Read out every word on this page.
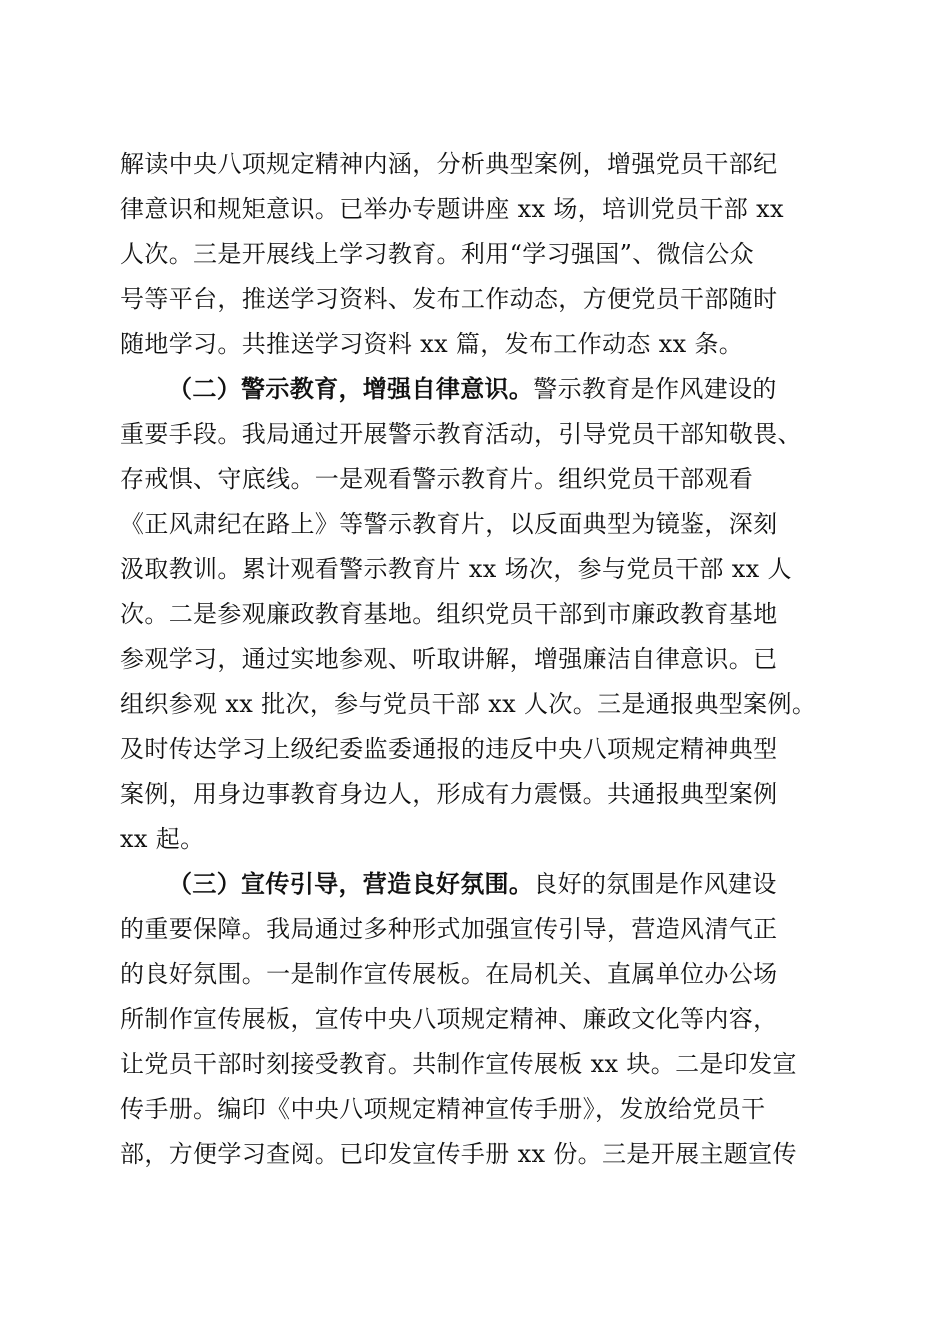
解读中央八项规定精神内涵，分析典型案例，增强党员干部纪
律意识和规矩意识。已举办专题讲座 xx 场，培训党员干部 xx
人次。三是开展线上学习教育。利用“学习强国”、微信公众
号等平台，推送学习资料、发布工作动态，方便党员干部随时
随地学习。共推送学习资料 xx 篇，发布工作动态 xx 条。
（二）警示教育，增强自律意识。警示教育是作风建设的
重要手段。我局通过开展警示教育活动，引导党员干部知敬畏、
存戒惧、守底线。一是观看警示教育片。组织党员干部观看
《正风肃纪在路上》等警示教育片，以反面典型为镜鉴，深刻
汲取教训。累计观看警示教育片 xx 场次，参与党员干部 xx 人
次。二是参观廉政教育基地。组织党员干部到市廉政教育基地
参观学习，通过实地参观、听取讲解，增强廉洁自律意识。已
组织参观 xx 批次，参与党员干部 xx 人次。三是通报典型案例。
及时传达学习上级纪委监委通报的违反中央八项规定精神典型
案例，用身边事教育身边人，形成有力震慑。共通报典型案例
xx 起。
（三）宣传引导，营造良好氛围。良好的氛围是作风建设
的重要保障。我局通过多种形式加强宣传引导，营造风清气正
的良好氛围。一是制作宣传展板。在局机关、直属单位办公场
所制作宣传展板，宣传中央八项规定精神、廉政文化等内容，
让党员干部时刻接受教育。共制作宣传展板 xx 块。二是印发宣
传手册。编印《中央八项规定精神宣传手册》，发放给党员干
部，方便学习查阅。已印发宣传手册 xx 份。三是开展主题宣传
